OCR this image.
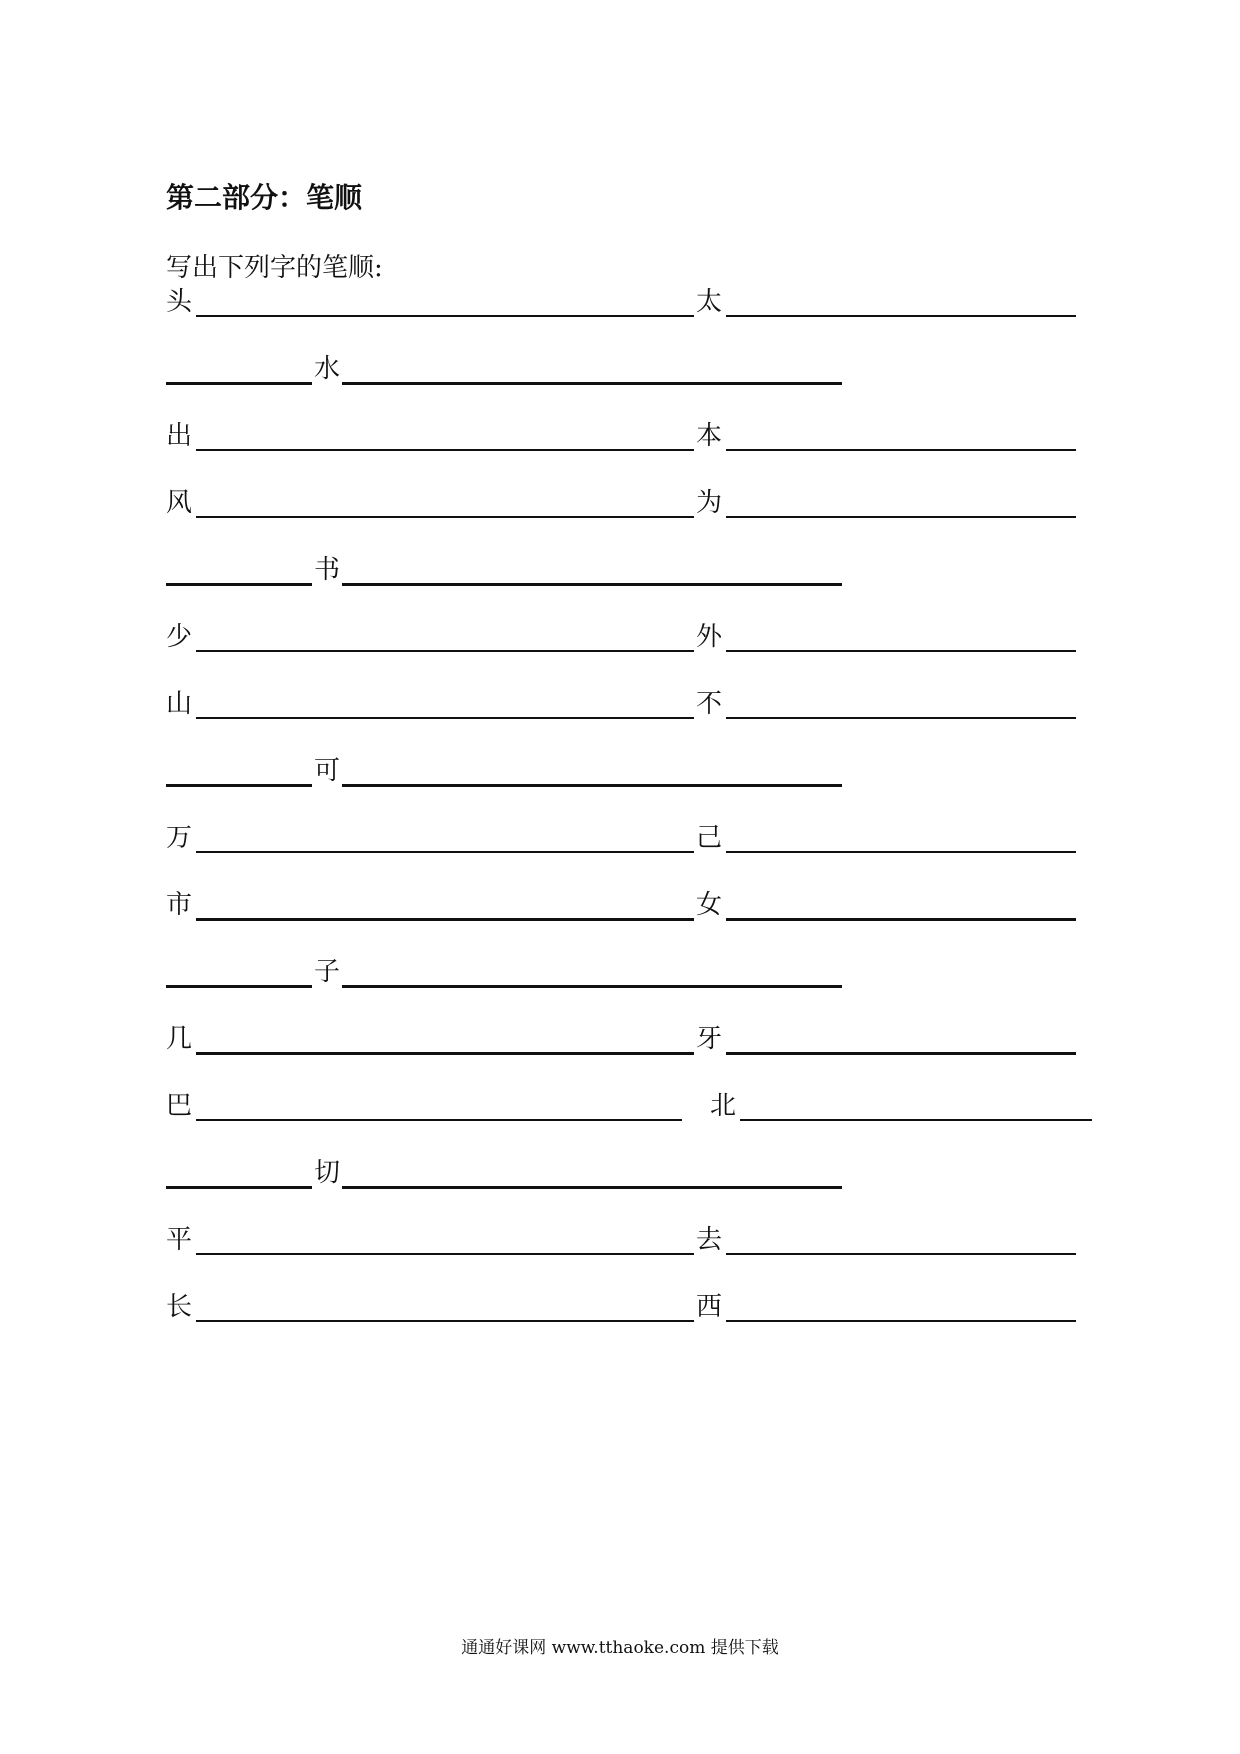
第二部分：笔顺
写出下列字的笔顺:
头	太
水
出	本
风	为
书
少	外
山	不
可
万	己
市	女
子
几	牙
巴	北
切
平	去
长	西
通通好课网 www.tthaoke.com 提供下载
